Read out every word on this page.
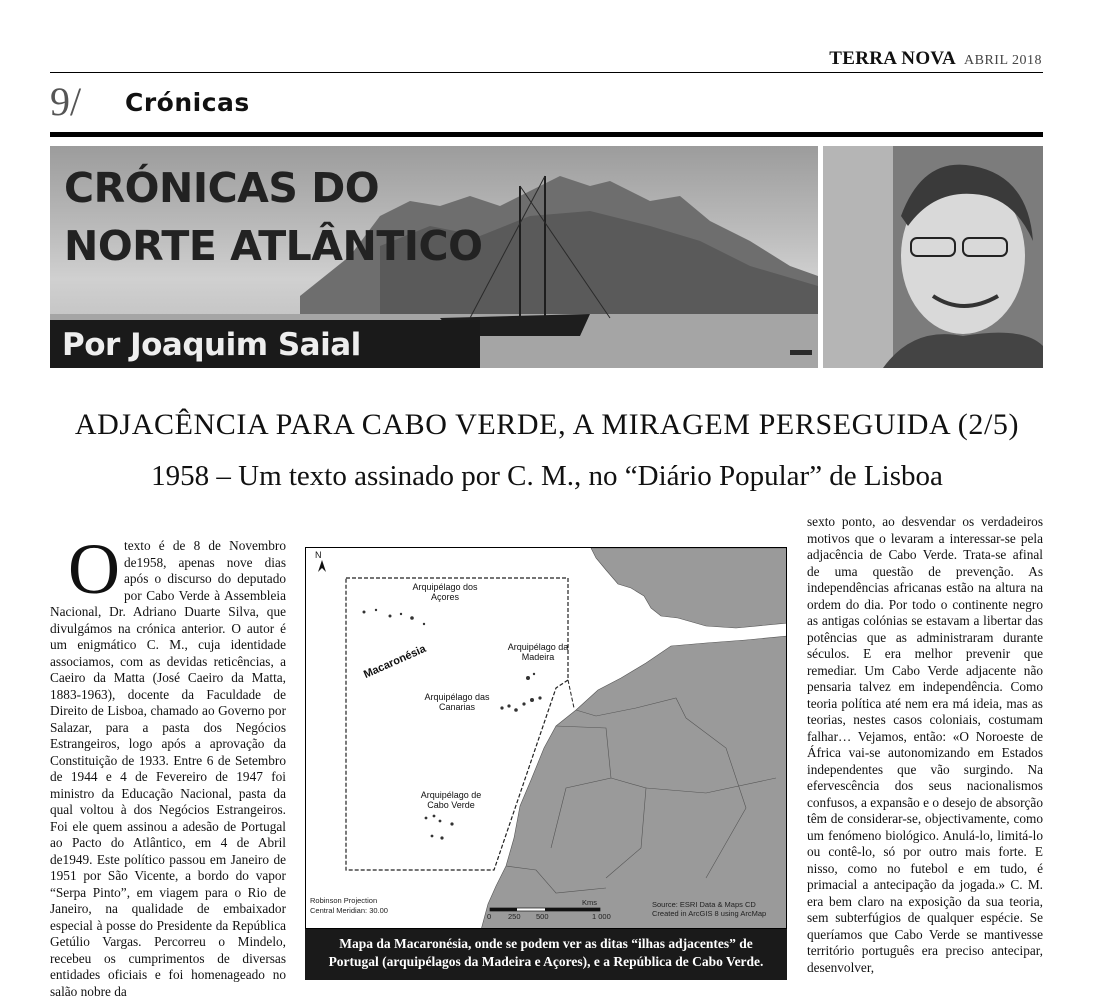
TERRA NOVA ABRIL 2018
9/ Crónicas
CRÓNICAS DO
NORTE ATLÂNTICO
Por Joaquim Saial
ADJACÊNCIA PARA CABO VERDE, A MIRAGEM PERSEGUIDA (2/5)
1958 – Um texto assinado por C. M., no “Diário Popular” de Lisboa
O texto é de 8 de Novembro de1958, apenas nove dias após o discurso do deputado por Cabo Verde à Assembleia Nacional, Dr. Adriano Duarte Silva, que divulgámos na crónica anterior. O autor é um enigmático C. M., cuja identidade associamos, com as devidas reticências, a Caeiro da Matta (José Caeiro da Matta, 1883-1963), docente da Faculdade de Direito de Lisboa, chamado ao Governo por Salazar, para a pasta dos Negócios Estrangeiros, logo após a aprovação da Constituição de 1933. Entre 6 de Setembro de 1944 e 4 de Fevereiro de 1947 foi ministro da Educação Nacional, pasta da qual voltou à dos Negócios Estrangeiros. Foi ele quem assinou a adesão de Portugal ao Pacto do Atlântico, em 4 de Abril de1949. Este político passou em Janeiro de 1951 por São Vicente, a bordo do vapor “Serpa Pinto”, em viagem para o Rio de Janeiro, na qualidade de embaixador especial à posse do Presidente da República Getúlio Vargas. Percorreu o Mindelo, recebeu os cumprimentos de diversas entidades oficiais e foi homenageado no salão nobre da

N
Macaronésia
Arquipélago dos Açores
Arquipélago da Madeira
Arquipélago das Canarias
Arquipélago de Cabo Verde
Robinson Projection
Central Meridian: 30.00
Kms
0 250 500	1 000
Source: ESRI Data & Maps CD
Created in ArcGIS 8 using ArcMap
Mapa da Macaronésia, onde se podem ver as ditas “ilhas adjacentes” de Portugal (arquipélagos da Madeira e Açores), e a República de Cabo Verde.

sexto ponto, ao desvendar os verdadeiros motivos que o levaram a interessar-se pela adjacência de Cabo Verde. Trata-se afinal de uma questão de prevenção. As independências africanas estão na altura na ordem do dia. Por todo o continente negro as antigas colónias se estavam a libertar das potências que as administraram durante séculos. E era melhor prevenir que remediar. Um Cabo Verde adjacente não pensaria talvez em independência. Como teoria política até nem era má ideia, mas as teorias, nestes casos coloniais, costumam falhar… Vejamos, então: «O Noroeste de África vai-se autonomizando em Estados independentes que vão surgindo. Na efervescência dos seus nacionalismos confusos, a expansão e o desejo de absorção têm de considerar-se, objectivamente, como um fenómeno biológico. Anulá-lo, limitá-lo ou contê-lo, só por outro mais forte. E nisso, como no futebol e em tudo, é primacial a antecipação da jogada.» C. M. era bem claro na exposição da sua teoria, sem subterfúgios de qualquer espécie. Se queríamos que Cabo Verde se mantivesse território português era preciso antecipar, desenvolver,
